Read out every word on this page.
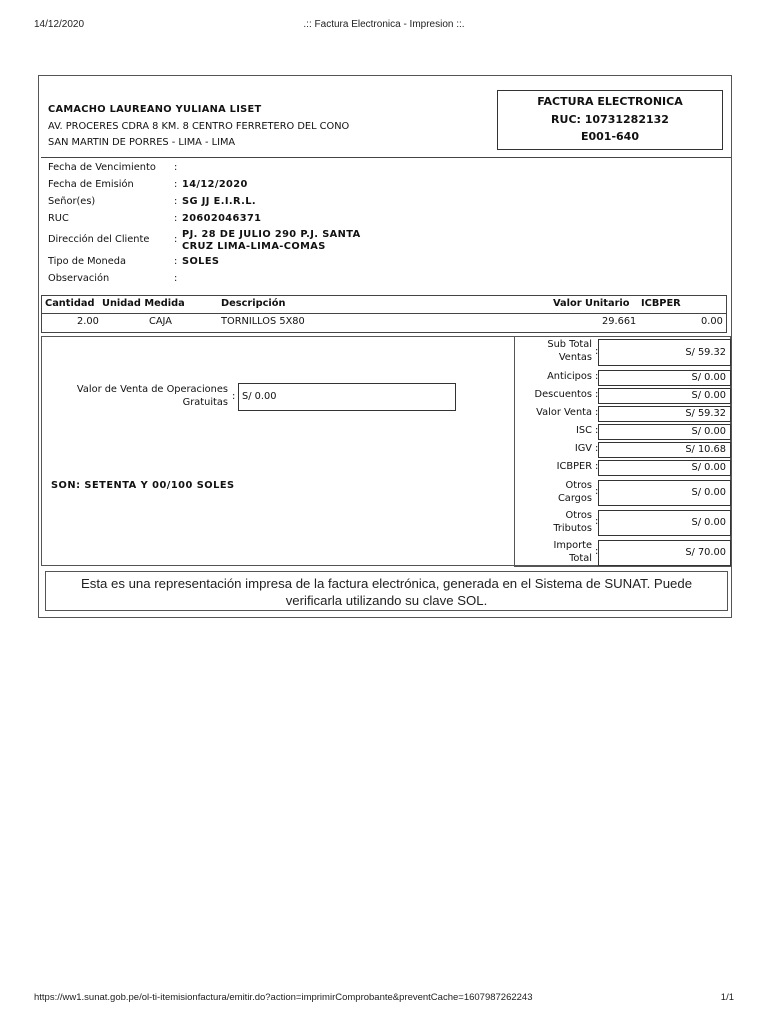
14/12/2020	.:: Factura Electronica - Impresion ::.
CAMACHO LAUREANO YULIANA LISET
AV. PROCERES CDRA 8 KM. 8 CENTRO FERRETERO DEL CONO
SAN MARTIN DE PORRES - LIMA - LIMA
FACTURA ELECTRONICA
RUC: 10731282132
E001-640
Fecha de Vencimiento :
Fecha de Emisión	: 14/12/2020
Señor(es)	: SG JJ E.I.R.L.
RUC	: 20602046371
Dirección del Cliente	: PJ. 28 DE JULIO 290 P.J. SANTA
CRUZ LIMA-LIMA-COMAS
Tipo de Moneda	: SOLES
Observación	:
Cantidad Unidad Medida	Descripción	Valor Unitario ICBPER
2.00	CAJA	TORNILLOS 5X80	29.661	0.00
Valor de Venta de Operaciones
Gratuitas : S/ 0.00
SON: SETENTA Y 00/100 SOLES
Sub Total
Ventas :	S/ 59.32
Anticipos :	S/ 0.00
Descuentos :	S/ 0.00
Valor Venta :	S/ 59.32
ISC :	S/ 0.00
IGV :	S/ 10.68
ICBPER :	S/ 0.00
Otros
Cargos
:	S/ 0.00
Otros
Tributos
:	S/ 0.00
Importe
Total
:	S/ 70.00
Esta es una representación impresa de la factura electrónica, generada en el Sistema de SUNAT. Puede
verificarla utilizando su clave SOL.
https://ww1.sunat.gob.pe/ol-ti-itemisionfactura/emitir.do?action=imprimirComprobante&preventCache=1607987262243	1/1
